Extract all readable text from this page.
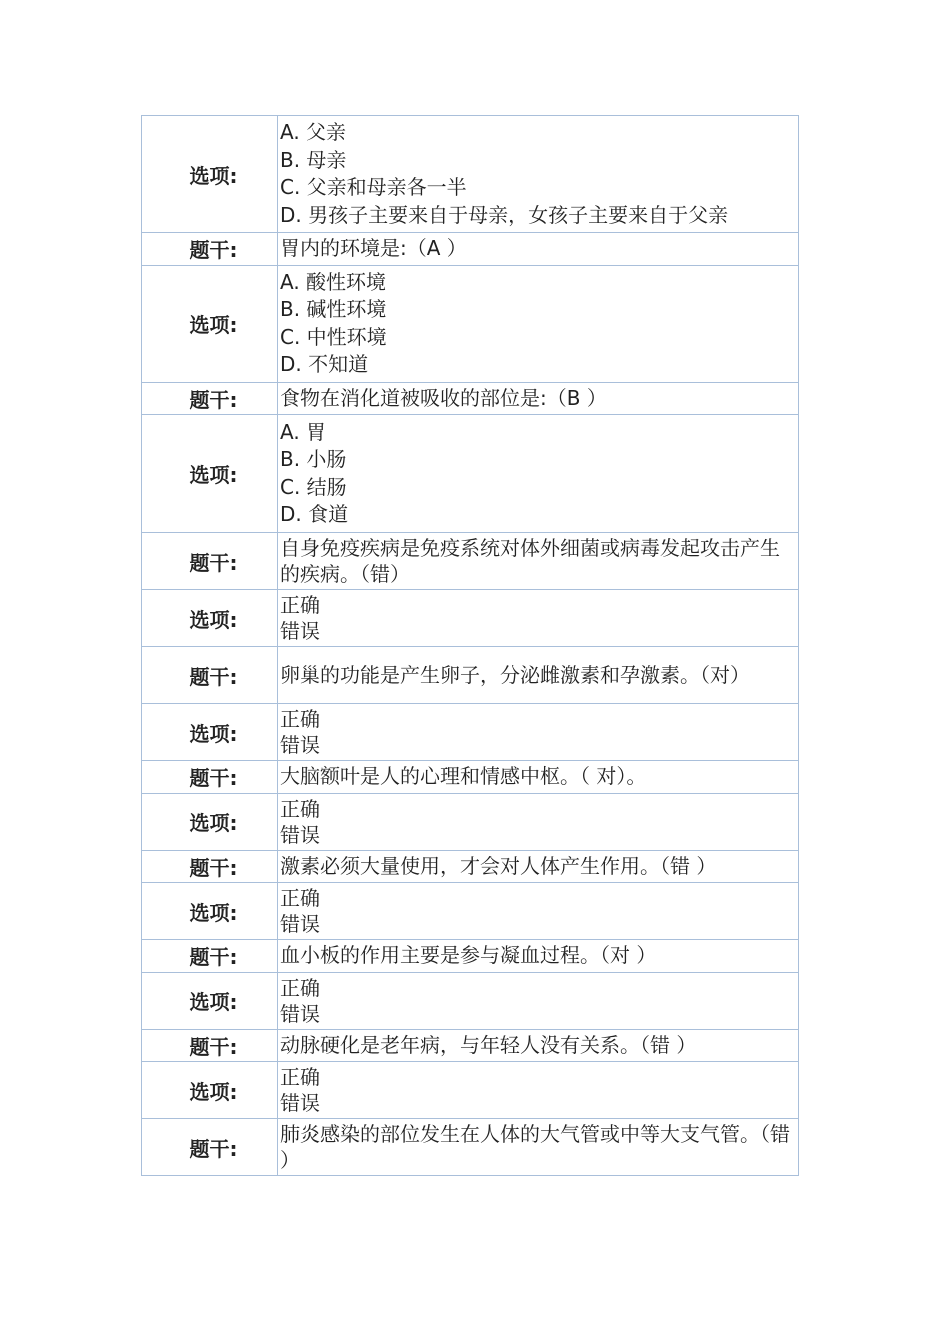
选项:	A. 父亲
B. 母亲
C. 父亲和母亲各一半
D. 男孩子主要来自于母亲，女孩子主要来自于父亲

题干:	胃内的环境是:（A ）
选项:	A. 酸性环境
B. 碱性环境
C. 中性环境
D. 不知道

题干:	食物在消化道被吸收的部位是:（B ）
选项:	A. 胃
B. 小肠
C. 结肠
D. 食道

题干:	自身免疫疾病是免疫系统对体外细菌或病毒发起攻击产生的疾病。（错）

选项:	正确
错误

题干:	卵巢的功能是产生卵子，分泌雌激素和孕激素。（对）

选项:	正确
错误

题干:	大脑额叶是人的心理和情感中枢。（ 对）。
选项:	正确
错误

题干:	激素必须大量使用，才会对人体产生作用。（错 ）
选项:	正确
错误

题干:	血小板的作用主要是参与凝血过程。（对 ）
选项:	正确
错误

题干:	动脉硬化是老年病，与年轻人没有关系。（错 ）
选项:	正确
错误

题干:	肺炎感染的部位发生在人体的大气管或中等大支气管。（错 ）
